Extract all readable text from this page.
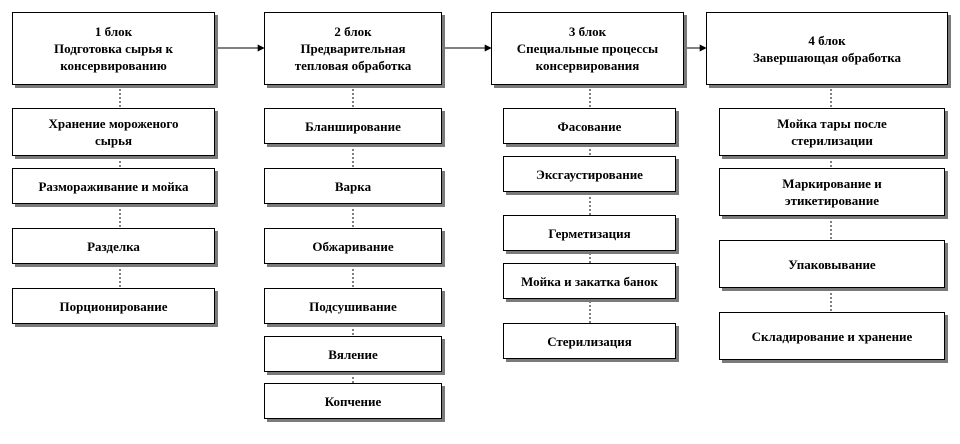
1 блок
Подготовка сырья к
консервированию
Хранение мороженого
сырья
Размораживание и мойка
Разделка
Порционирование
2 блок
Предварительная
тепловая обработка
Бланширование
Варка
Обжаривание
Подсушивание
Вяление
Копчение
3 блок
Специальные процессы
консервирования
Фасование
Эксгаустирование
Герметизация
Мойка и закатка банок
Стерилизация
4 блок
Завершающая обработка
Мойка тары после
стерилизации
Маркирование и
этикетирование
Упаковывание
Складирование и хранение
